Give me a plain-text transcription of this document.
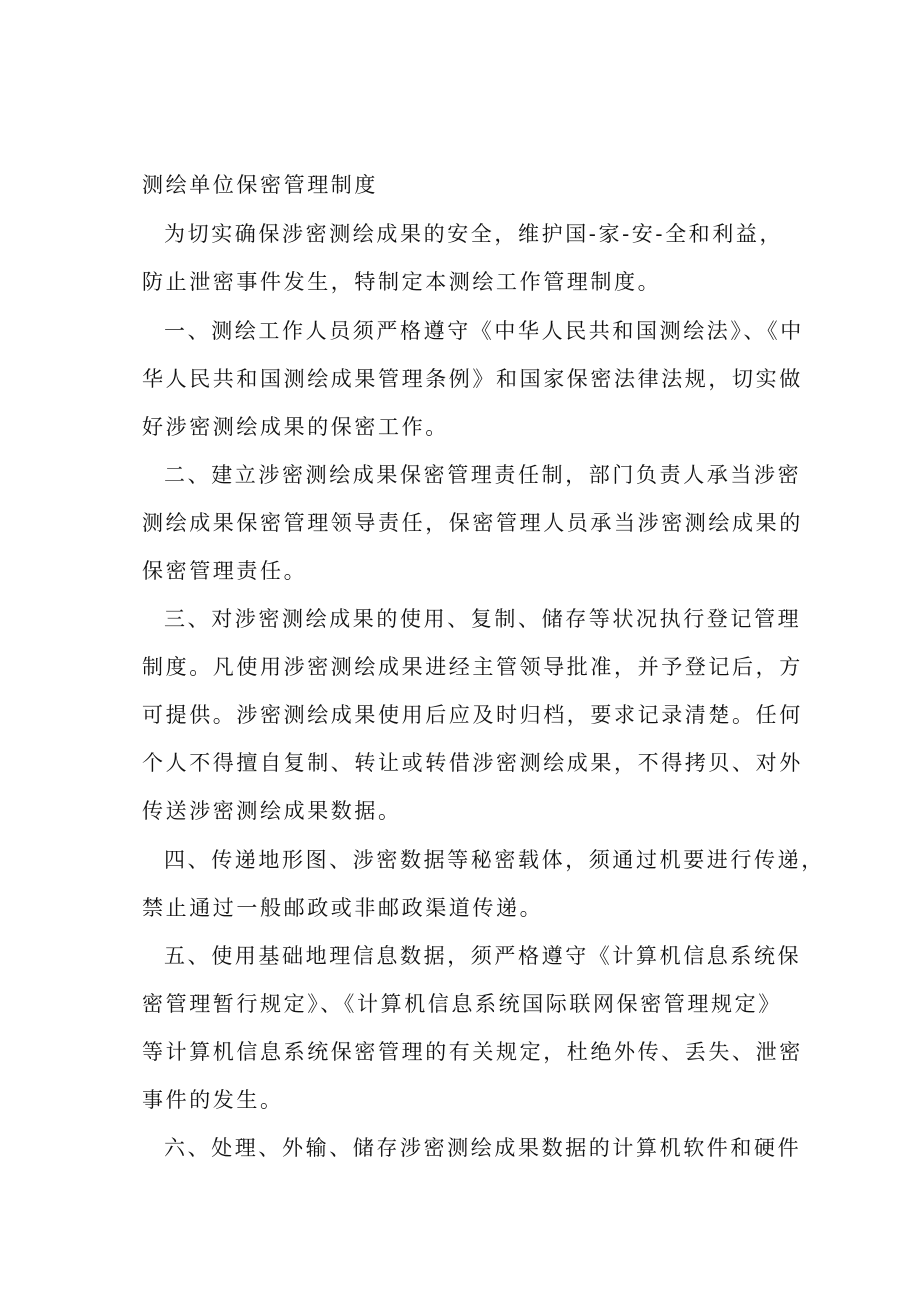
测绘单位保密管理制度
为切实确保涉密测绘成果的安全，维护国-家-安-全和利益，
防止泄密事件发生，特制定本测绘工作管理制度。
一、测绘工作人员须严格遵守《中华人民共和国测绘法》、《中
华人民共和国测绘成果管理条例》和国家保密法律法规，切实做
好涉密测绘成果的保密工作。
二、建立涉密测绘成果保密管理责任制，部门负责人承当涉密
测绘成果保密管理领导责任，保密管理人员承当涉密测绘成果的
保密管理责任。
三、对涉密测绘成果的使用、复制、储存等状况执行登记管理
制度。凡使用涉密测绘成果进经主管领导批准，并予登记后，方
可提供。涉密测绘成果使用后应及时归档，要求记录清楚。任何
个人不得擅自复制、转让或转借涉密测绘成果，不得拷贝、对外
传送涉密测绘成果数据。
四、传递地形图、涉密数据等秘密载体，须通过机要进行传递，
禁止通过一般邮政或非邮政渠道传递。
五、使用基础地理信息数据，须严格遵守《计算机信息系统保
密管理暂行规定》、《计算机信息系统国际联网保密管理规定》
等计算机信息系统保密管理的有关规定，杜绝外传、丢失、泄密
事件的发生。
六、处理、外输、储存涉密测绘成果数据的计算机软件和硬件
